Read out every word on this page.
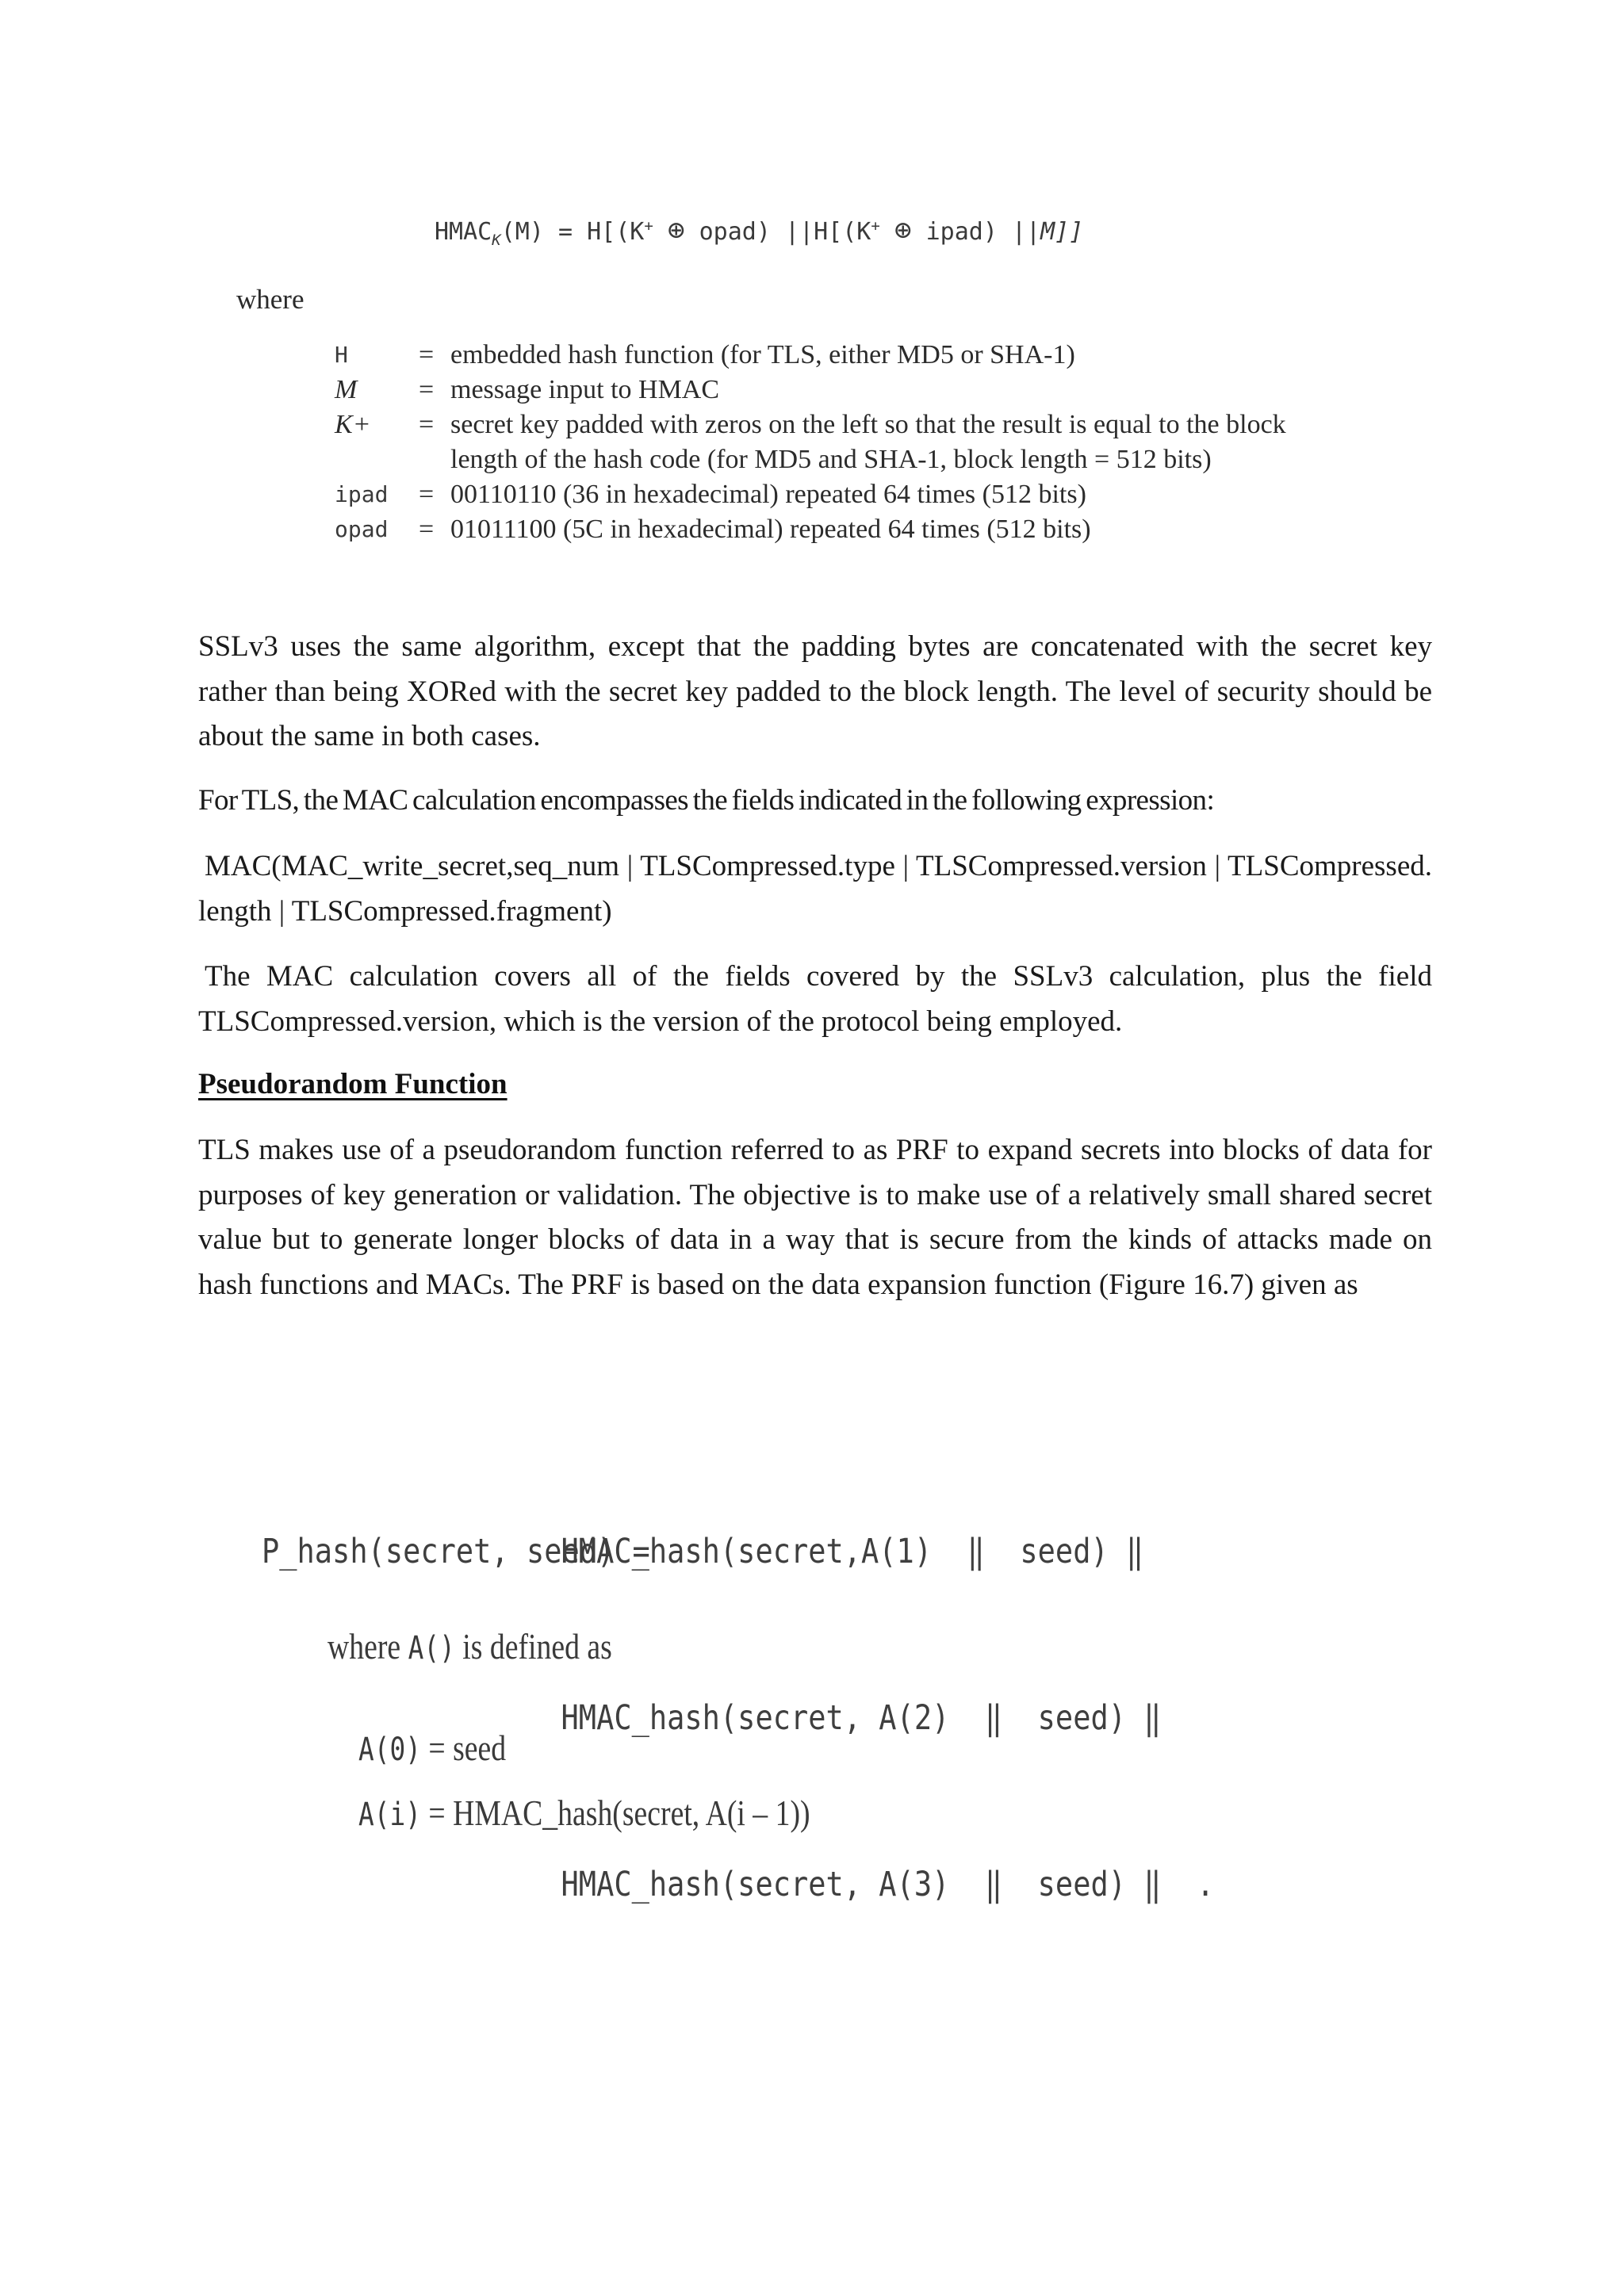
$HMAC_K(M) = H[(K^+$ ⊕ opad) ||H[(K+ ⊕ ipad) ||M]]
where
H	= embedded hash function (for TLS, either MD5 or SHA-1)
M	= message input to HMAC
K+	= secret key padded with zeros on the left so that the result is equal to the block length of the hash code (for MD5 and SHA-1, block length = 512 bits)
ipad	= 00110110 (36 in hexadecimal) repeated 64 times (512 bits)
opad	= 01011100 (5C in hexadecimal) repeated 64 times (512 bits)
SSLv3 uses the same algorithm, except that the padding bytes are concatenated with the secret key rather than being XORed with the secret key padded to the block length. The level of security should be about the same in both cases.
For TLS, the MAC calculation encompasses the fields indicated in the following expression:
MAC(MAC_write_secret,seq_num | TLSCompressed.type | TLSCompressed.version | TLSCompressed.length | TLSCompressed.fragment)
The MAC calculation covers all of the fields covered by the SSLv3 calculation, plus the field TLSCompressed.version, which is the version of the protocol being employed.
Pseudorandom Function
TLS makes use of a pseudorandom function referred to as PRF to expand secrets into blocks of data for purposes of key generation or validation. The objective is to make use of a relatively small shared secret value but to generate longer blocks of data in a way that is secure from the kinds of attacks made on hash functions and MACs. The PRF is based on the data expansion function (Figure 16.7) given as

P_hash(secret, seed) =
HMAC_hash(secret,A(1)  ‖  seed) ‖

HMAC_hash(secret, A(2)  ‖  seed) ‖

HMAC_hash(secret, A(3)  ‖  seed) ‖  .

where A() is defined as
A(0) = seed
A(i) = HMAC_hash(secret, A(i – 1))
